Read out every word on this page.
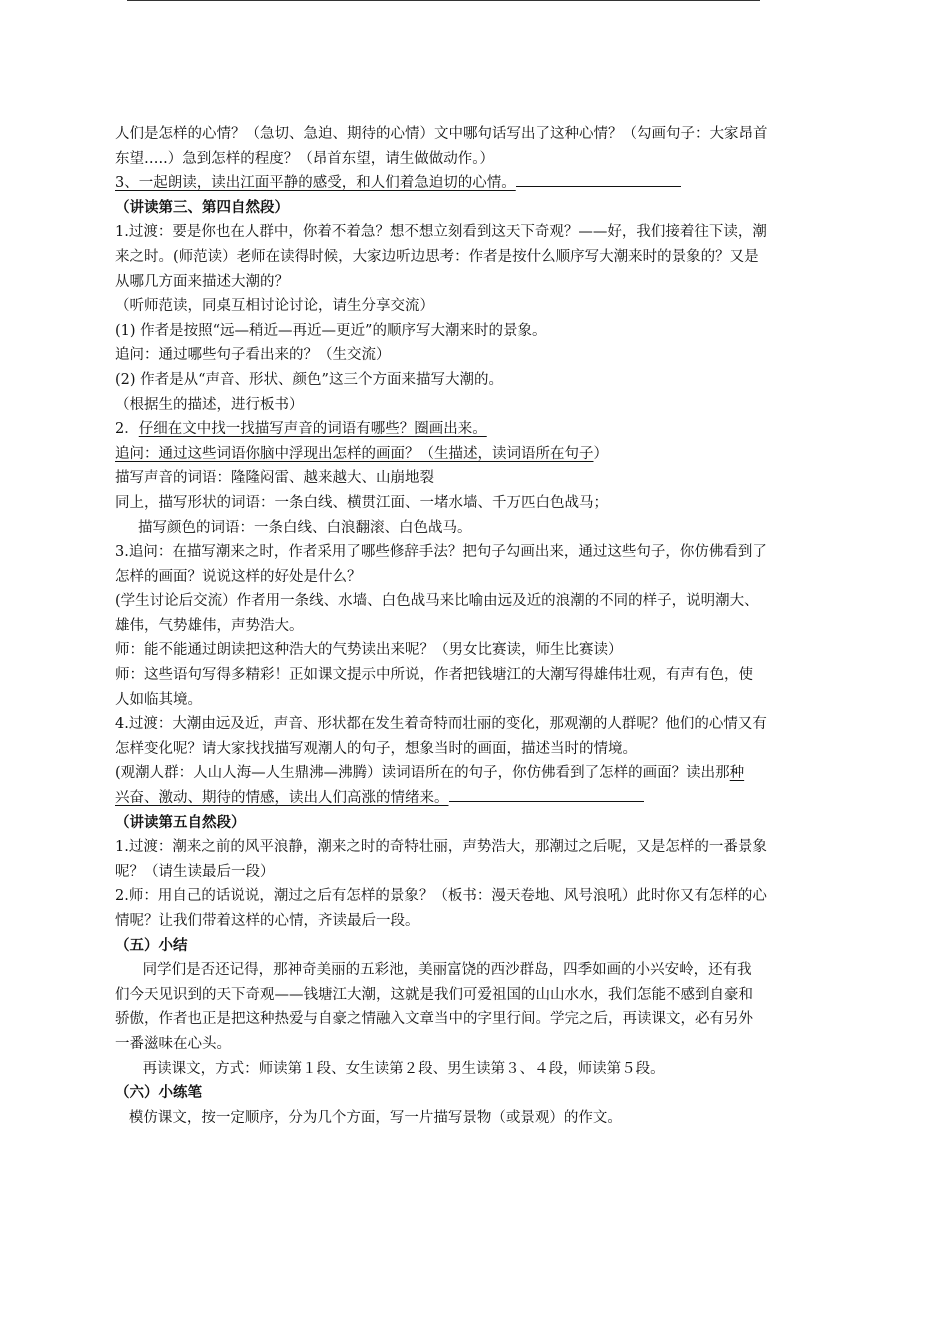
人们是怎样的心情？（急切、急迫、期待的心情）文中哪句话写出了这种心情？（勾画句子：大家昂首
东望…..）急到怎样的程度？（昂首东望，请生做做动作。）
3、一起朗读，读出江面平静的感受，和人们着急迫切的心情。
（讲读第三、第四自然段）
1.过渡：要是你也在人群中，你着不着急？想不想立刻看到这天下奇观？——好，我们接着往下读，潮
来之时。(师范读）老师在读得时候，大家边听边思考：作者是按什么顺序写大潮来时的景象的？又是
从哪几方面来描述大潮的？
（听师范读，同桌互相讨论讨论，请生分享交流）
(1) 作者是按照“远—稍近—再近—更近”的顺序写大潮来时的景象。
追问：通过哪些句子看出来的？（生交流）
(2) 作者是从“声音、形状、颜色”这三个方面来描写大潮的。
（根据生的描述，进行板书）
2．仔细在文中找一找描写声音的词语有哪些？圈画出来。
追问：通过这些词语你脑中浮现出怎样的画面？（生描述，读词语所在句子）
描写声音的词语：隆隆闷雷、越来越大、山崩地裂
同上，描写形状的词语：一条白线、横贯江面、一堵水墙、千万匹白色战马；
描写颜色的词语：一条白线、白浪翻滚、白色战马。
3.追问：在描写潮来之时，作者采用了哪些修辞手法？把句子勾画出来，通过这些句子，你仿佛看到了
怎样的画面？说说这样的好处是什么？
(学生讨论后交流）作者用一条线、水墙、白色战马来比喻由远及近的浪潮的不同的样子，说明潮大、
雄伟，气势雄伟，声势浩大。
师：能不能通过朗读把这种浩大的气势读出来呢？（男女比赛读，师生比赛读）
师：这些语句写得多精彩！正如课文提示中所说，作者把钱塘江的大潮写得雄伟壮观，有声有色，使
人如临其境。
4.过渡：大潮由远及近，声音、形状都在发生着奇特而壮丽的变化，那观潮的人群呢？他们的心情又有
怎样变化呢？请大家找找描写观潮人的句子，想象当时的画面，描述当时的情境。
(观潮人群：人山人海—人生鼎沸—沸腾）读词语所在的句子，你仿佛看到了怎样的画面？读出那种
兴奋、激动、期待的情感，读出人们高涨的情绪来。
（讲读第五自然段）
1.过渡：潮来之前的风平浪静，潮来之时的奇特壮丽，声势浩大，那潮过之后呢，又是怎样的一番景象
呢？（请生读最后一段）
2.师：用自己的话说说，潮过之后有怎样的景象？（板书：漫天卷地、风号浪吼）此时你又有怎样的心
情呢？让我们带着这样的心情，齐读最后一段。
（五）小结
同学们是否还记得，那神奇美丽的五彩池，美丽富饶的西沙群岛，四季如画的小兴安岭，还有我
们今天见识到的天下奇观——钱塘江大潮，这就是我们可爱祖国的山山水水，我们怎能不感到自豪和
骄傲，作者也正是把这种热爱与自豪之情融入文章当中的字里行间。学完之后，再读课文，必有另外
一番滋味在心头。
再读课文，方式：师读第１段、女生读第２段、男生读第３、４段，师读第５段。
（六）小练笔
模仿课文，按一定顺序，分为几个方面，写一片描写景物（或景观）的作文。
